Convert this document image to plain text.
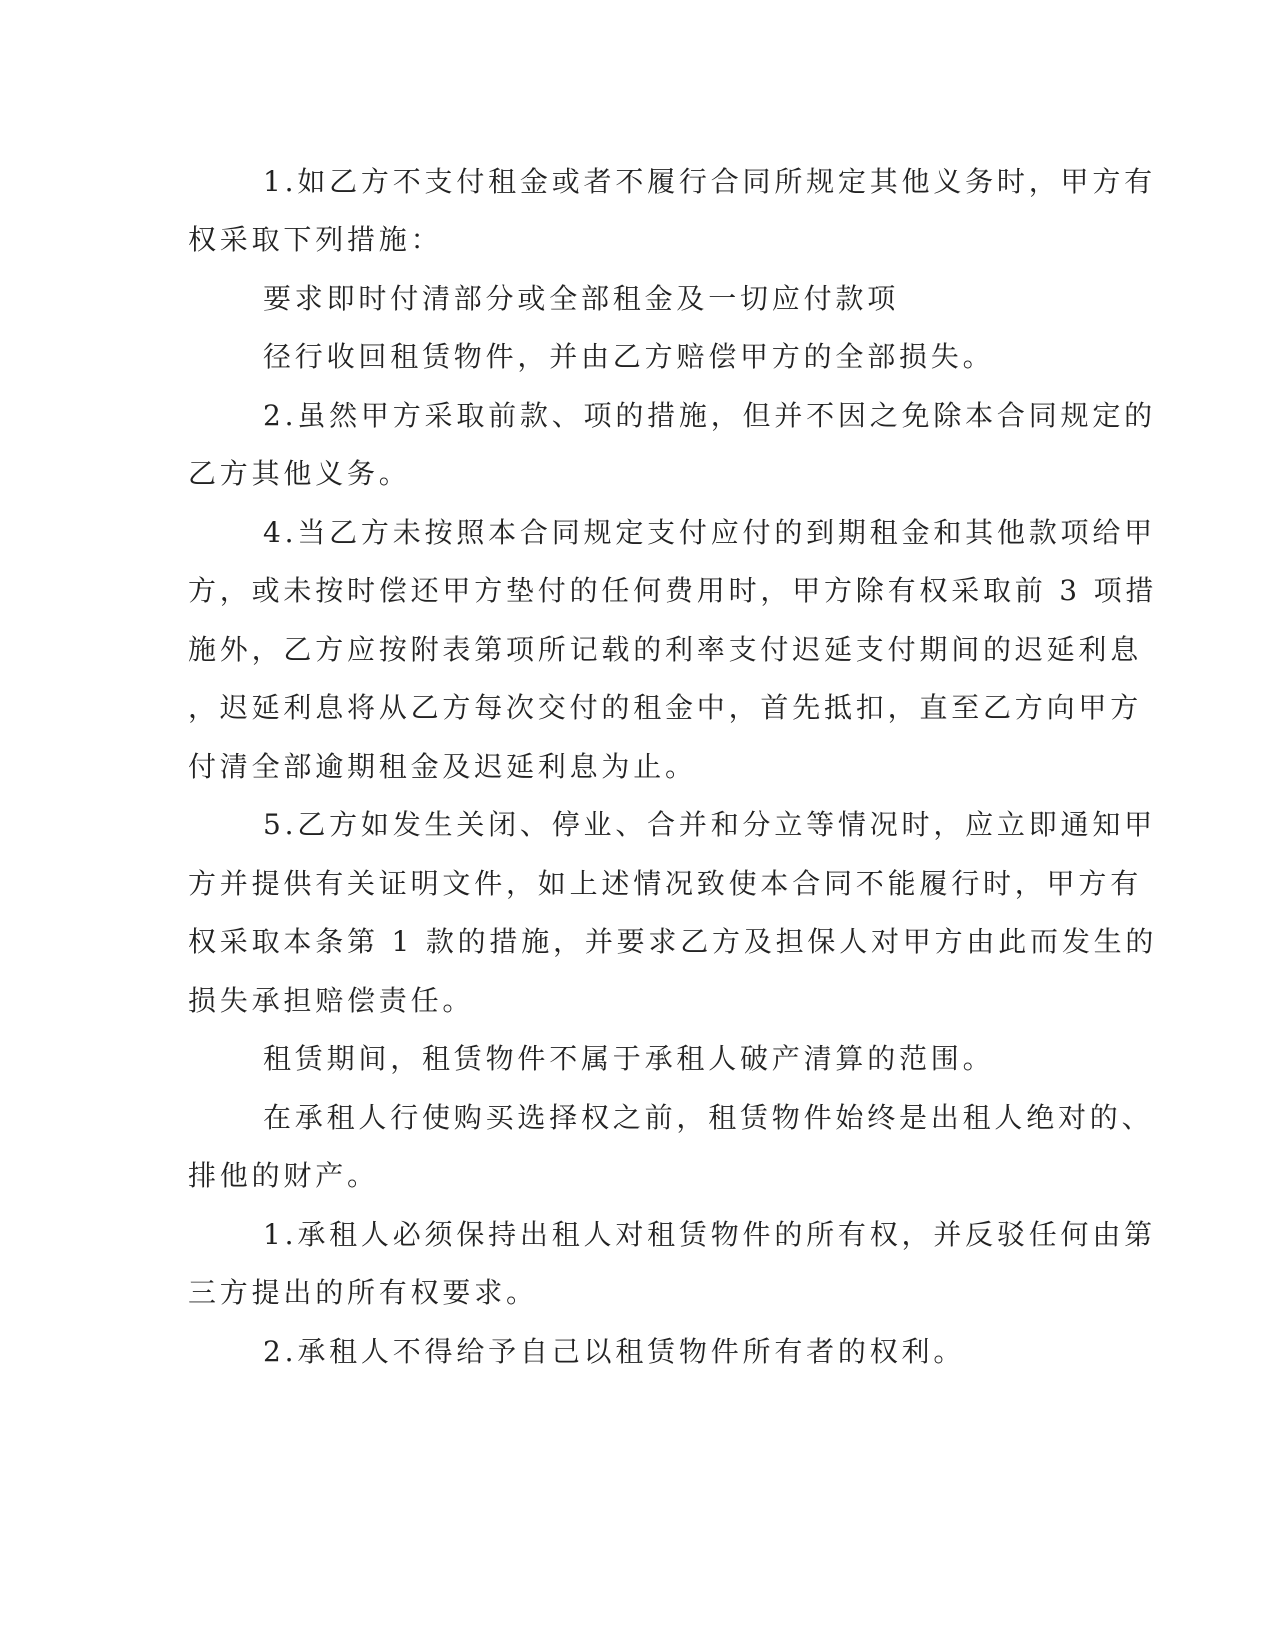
1.如乙方不支付租金或者不履行合同所规定其他义务时，甲方有

权采取下列措施：

要求即时付清部分或全部租金及一切应付款项

径行收回租赁物件，并由乙方赔偿甲方的全部损失。

2.虽然甲方采取前款、项的措施，但并不因之免除本合同规定的

乙方其他义务。

4.当乙方未按照本合同规定支付应付的到期租金和其他款项给甲

方，或未按时偿还甲方垫付的任何费用时，甲方除有权采取前 3 项措

施外，乙方应按附表第项所记载的利率支付迟延支付期间的迟延利息

，迟延利息将从乙方每次交付的租金中，首先抵扣，直至乙方向甲方

付清全部逾期租金及迟延利息为止。

5.乙方如发生关闭、停业、合并和分立等情况时，应立即通知甲

方并提供有关证明文件，如上述情况致使本合同不能履行时，甲方有

权采取本条第 1 款的措施，并要求乙方及担保人对甲方由此而发生的

损失承担赔偿责任。

租赁期间，租赁物件不属于承租人破产清算的范围。

在承租人行使购买选择权之前，租赁物件始终是出租人绝对的、

排他的财产。

1.承租人必须保持出租人对租赁物件的所有权，并反驳任何由第

三方提出的所有权要求。

2.承租人不得给予自己以租赁物件所有者的权利。
